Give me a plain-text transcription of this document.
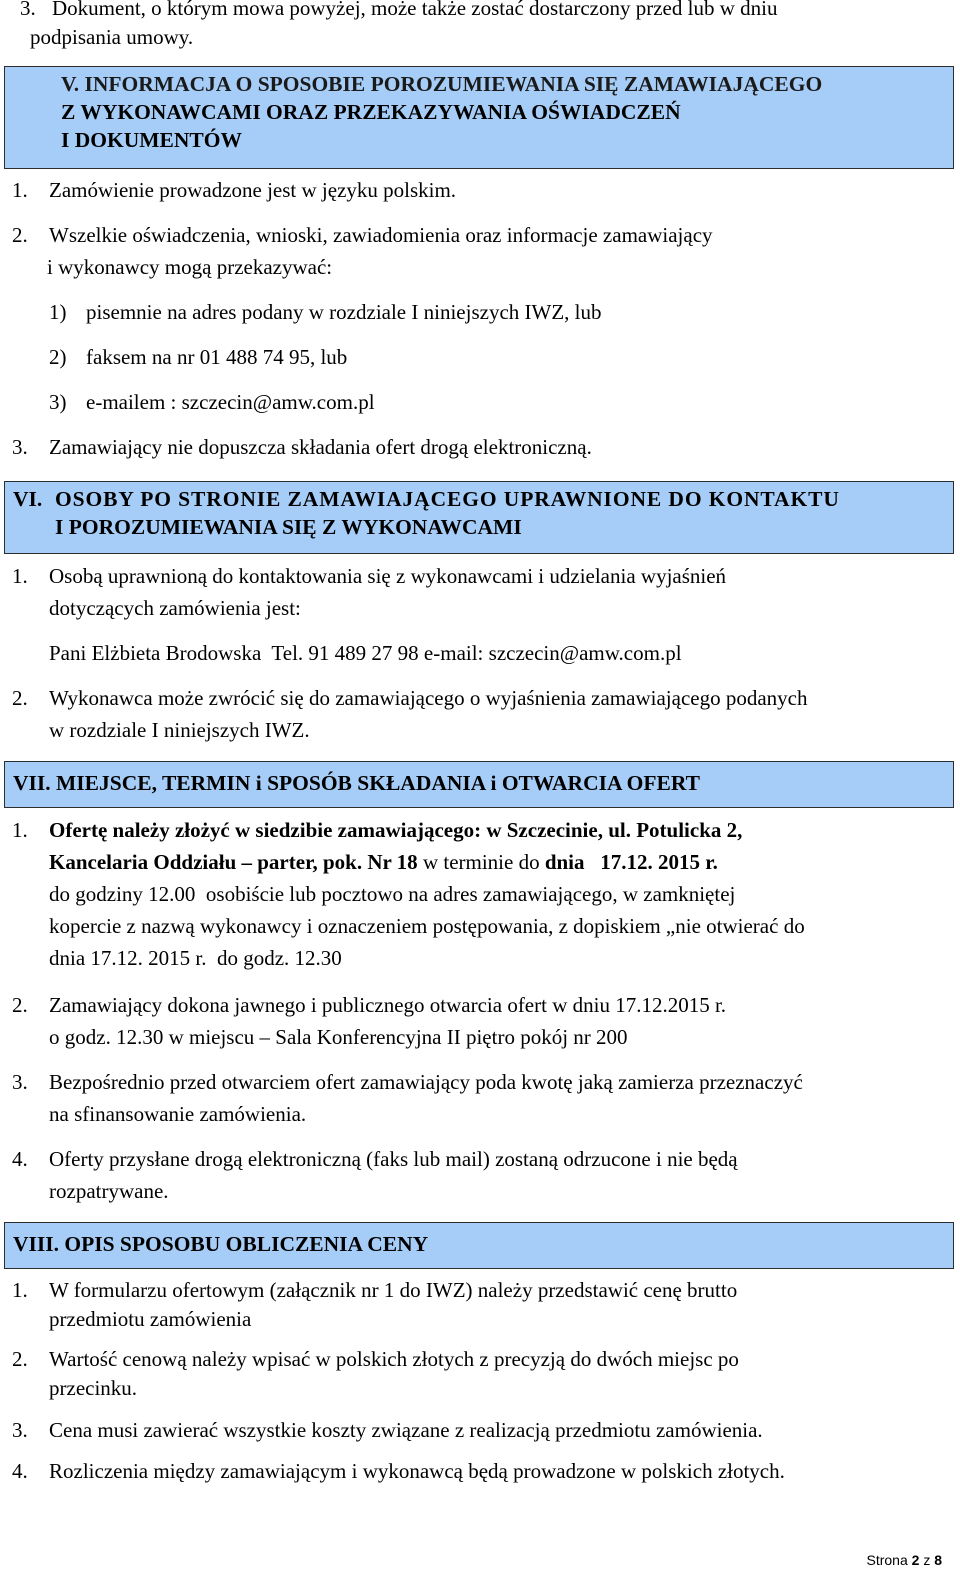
3. Dokument, o którym mowa powyżej, może także zostać dostarczony przed lub w dniu
podpisania umowy.
V. INFORMACJA O SPOSOBIE POROZUMIEWANIA SIĘ ZAMAWIAJĄCEGO
Z WYKONAWCAMI ORAZ PRZEKAZYWANIA OŚWIADCZEŃ
I DOKUMENTÓW
1. Zamówienie prowadzone jest w języku polskim.
2. Wszelkie oświadczenia, wnioski, zawiadomienia oraz informacje zamawiający
i wykonawcy mogą przekazywać:
1) pisemnie na adres podany w rozdziale I niniejszych IWZ, lub
2) faksem na nr 01 488 74 95, lub
3) e-mailem : szczecin@amw.com.pl
3. Zamawiający nie dopuszcza składania ofert drogą elektroniczną.
VI. OSOBY PO STRONIE ZAMAWIAJĄCEGO UPRAWNIONE DO KONTAKTU
I POROZUMIEWANIA SIĘ Z WYKONAWCAMI
1. Osobą uprawnioną do kontaktowania się z wykonawcami i udzielania wyjaśnień
dotyczących zamówienia jest:
Pani Elżbieta Brodowska  Tel. 91 489 27 98 e-mail: szczecin@amw.com.pl
2. Wykonawca może zwrócić się do zamawiającego o wyjaśnienia zamawiającego podanych
w rozdziale I niniejszych IWZ.
VII. MIEJSCE, TERMIN i SPOSÓB SKŁADANIA i OTWARCIA OFERT
1. Ofertę należy złożyć w siedzibie zamawiającego: w Szczecinie, ul. Potulicka 2,
Kancelaria Oddziału – parter, pok. Nr 18 w terminie do dnia   17.12. 2015 r.
do godziny 12.00  osobiście lub pocztowo na adres zamawiającego, w zamkniętej
kopercie z nazwą wykonawcy i oznaczeniem postępowania, z dopiskiem „nie otwierać do
dnia 17.12. 2015 r.  do godz. 12.30
2. Zamawiający dokona jawnego i publicznego otwarcia ofert w dniu 17.12.2015 r.
o godz. 12.30 w miejscu – Sala Konferencyjna II piętro pokój nr 200
3. Bezpośrednio przed otwarciem ofert zamawiający poda kwotę jaką zamierza przeznaczyć
na sfinansowanie zamówienia.
4. Oferty przysłane drogą elektroniczną (faks lub mail) zostaną odrzucone i nie będą
rozpatrywane.
VIII. OPIS SPOSOBU OBLICZENIA CENY
1. W formularzu ofertowym (załącznik nr 1 do IWZ) należy przedstawić cenę brutto
przedmiotu zamówienia
2. Wartość cenową należy wpisać w polskich złotych z precyzją do dwóch miejsc po
przecinku.
3. Cena musi zawierać wszystkie koszty związane z realizacją przedmiotu zamówienia.
4. Rozliczenia między zamawiającym i wykonawcą będą prowadzone w polskich złotych.
Strona 2 z 8
